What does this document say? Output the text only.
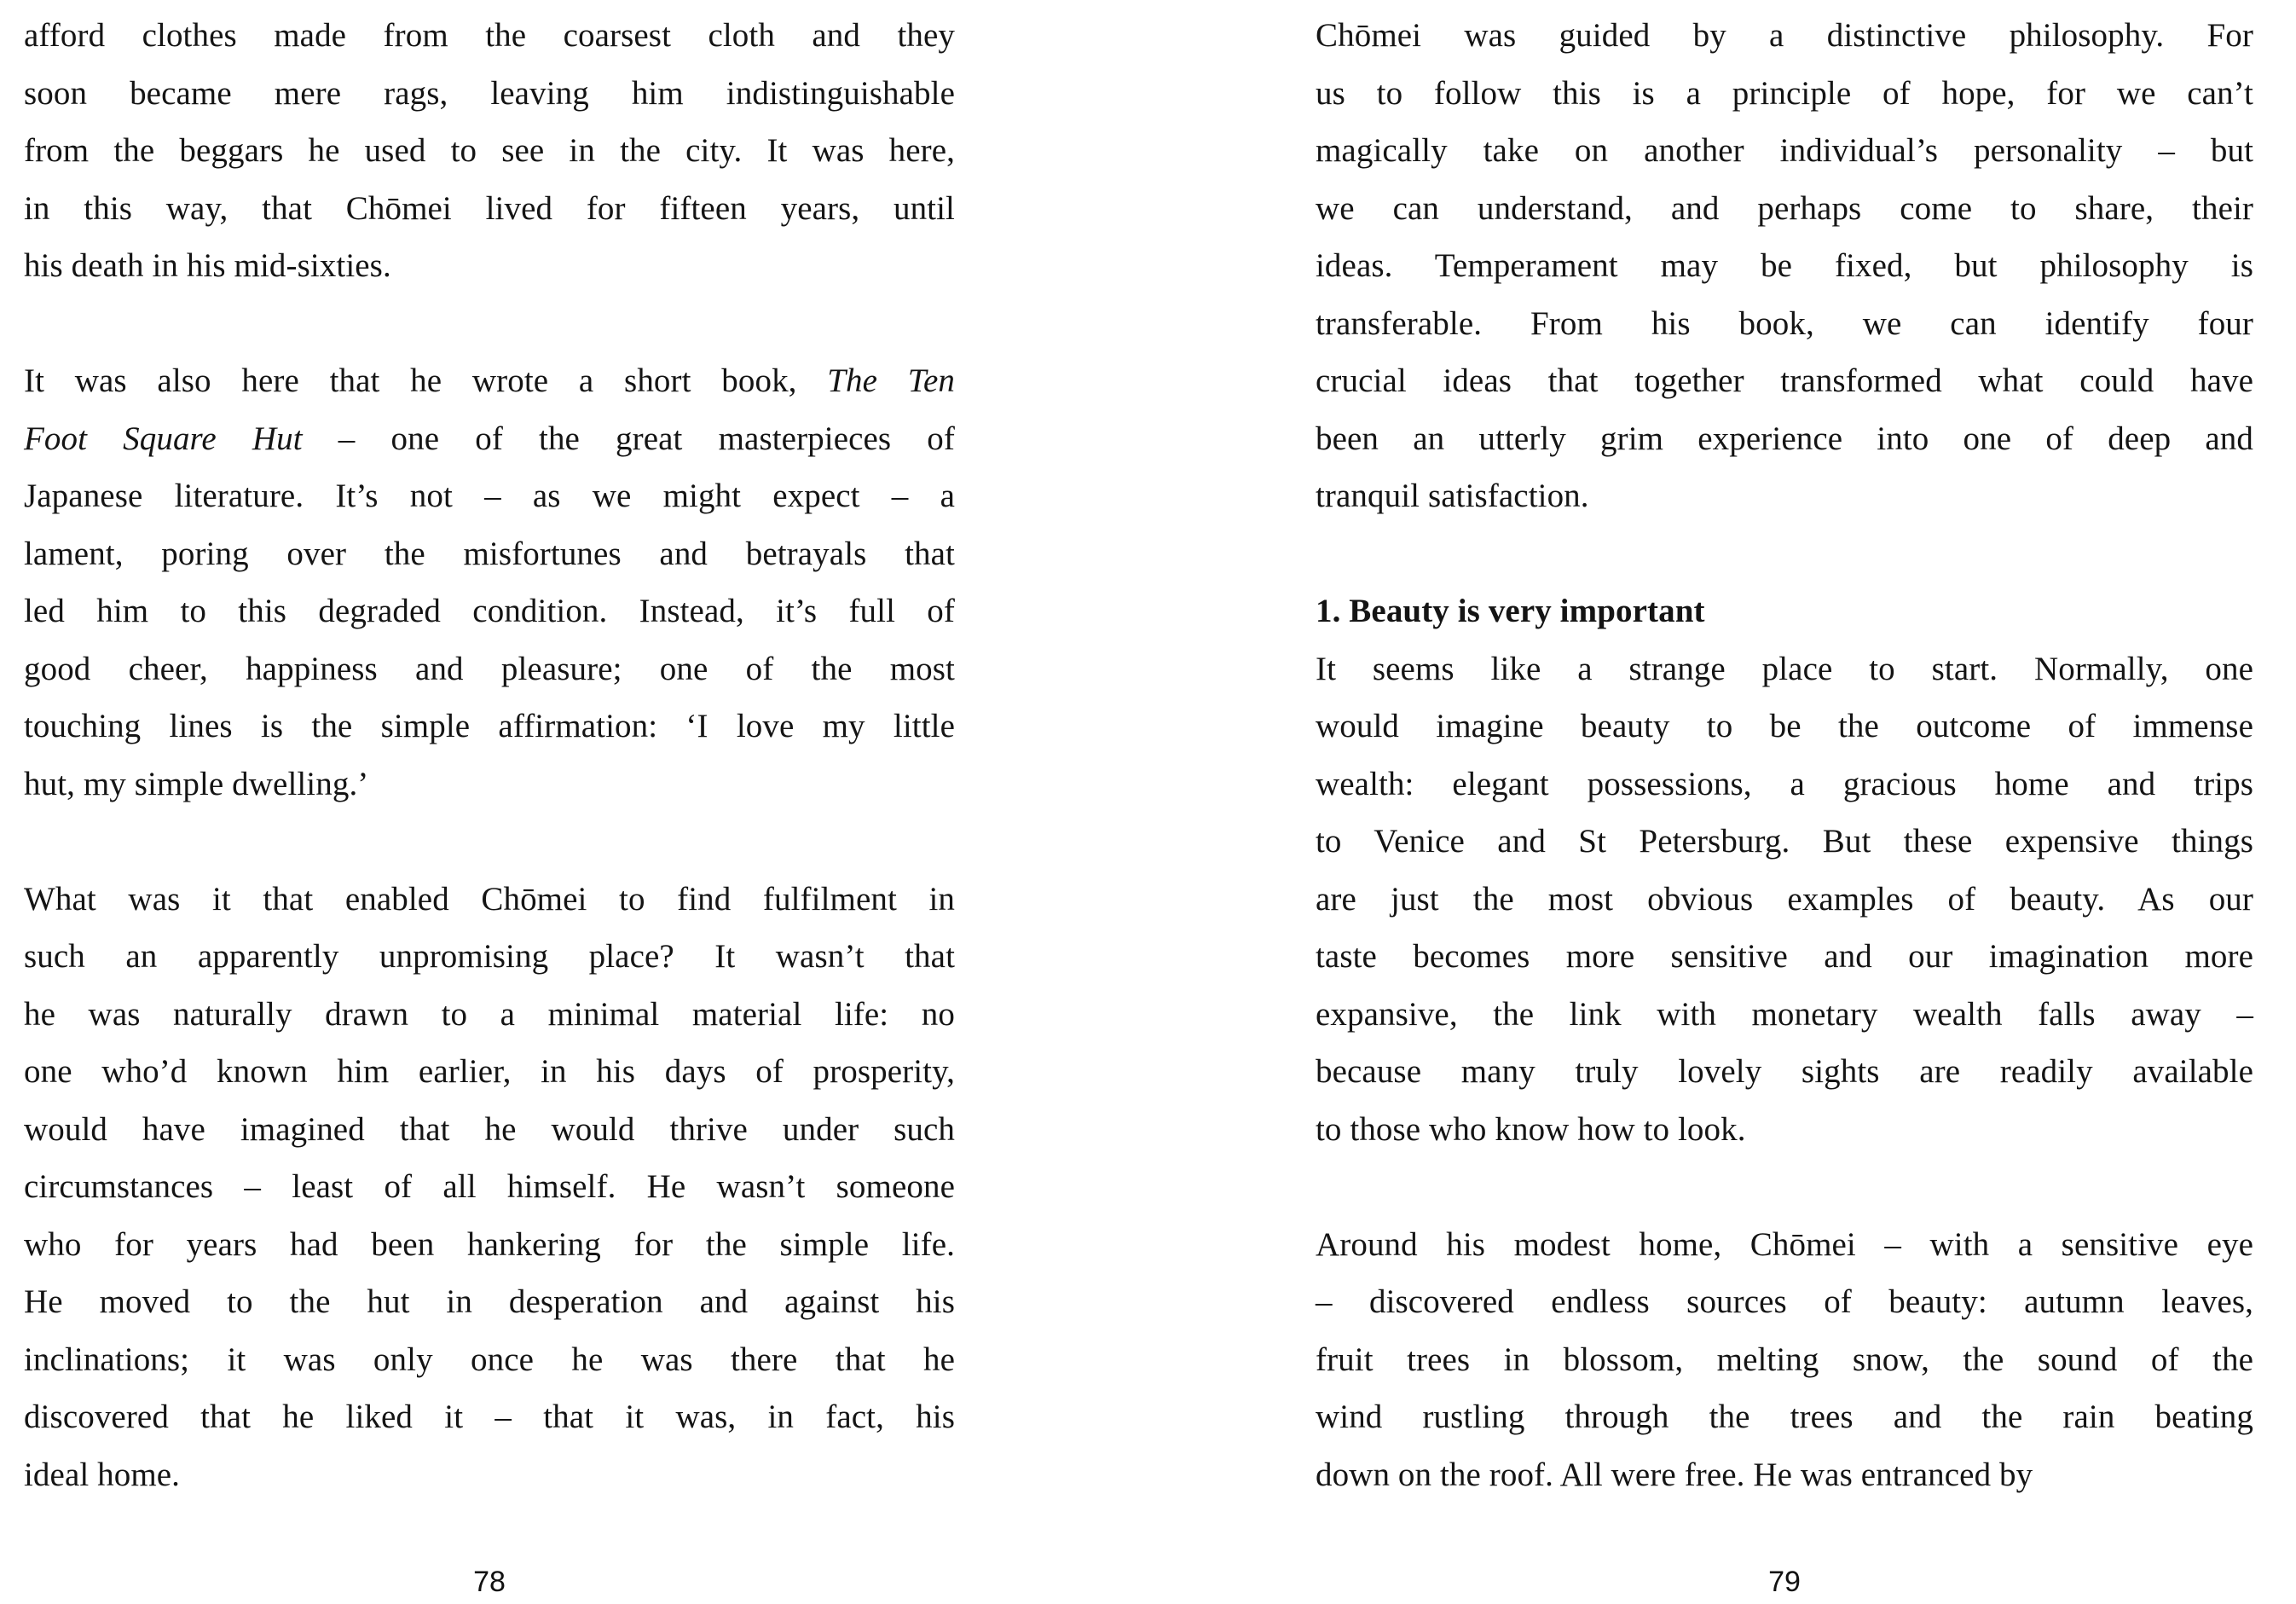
afford clothes made from the coarsest cloth and they
soon became mere rags, leaving him indistinguishable
from the beggars he used to see in the city. It was here,
in this way, that Chōmei lived for fifteen years, until
his death in his mid-sixties.
It was also here that he wrote a short book, The Ten
Foot Square Hut – one of the great masterpieces of
Japanese literature. It’s not – as we might expect – a
lament, poring over the misfortunes and betrayals that
led him to this degraded condition. Instead, it’s full of
good cheer, happiness and pleasure; one of the most
touching lines is the simple affirmation: ‘I love my little
hut, my simple dwelling.’
What was it that enabled Chōmei to find fulfilment in
such an apparently unpromising place? It wasn’t that
he was naturally drawn to a minimal material life: no
one who’d known him earlier, in his days of prosperity,
would have imagined that he would thrive under such
circumstances – least of all himself. He wasn’t someone
who for years had been hankering for the simple life.
He moved to the hut in desperation and against his
inclinations; it was only once he was there that he
discovered that he liked it – that it was, in fact, his
ideal home.
Chōmei was guided by a distinctive philosophy. For
us to follow this is a principle of hope, for we can’t
magically take on another individual’s personality – but
we can understand, and perhaps come to share, their
ideas. Temperament may be fixed, but philosophy is
transferable. From his book, we can identify four
crucial ideas that together transformed what could have
been an utterly grim experience into one of deep and
tranquil satisfaction.
1. Beauty is very important
It seems like a strange place to start. Normally, one
would imagine beauty to be the outcome of immense
wealth: elegant possessions, a gracious home and trips
to Venice and St Petersburg. But these expensive things
are just the most obvious examples of beauty. As our
taste becomes more sensitive and our imagination more
expansive, the link with monetary wealth falls away –
because many truly lovely sights are readily available
to those who know how to look.
Around his modest home, Chōmei – with a sensitive eye
– discovered endless sources of beauty: autumn leaves,
fruit trees in blossom, melting snow, the sound of the
wind rustling through the trees and the rain beating
down on the roof. All were free. He was entranced by
78	79
